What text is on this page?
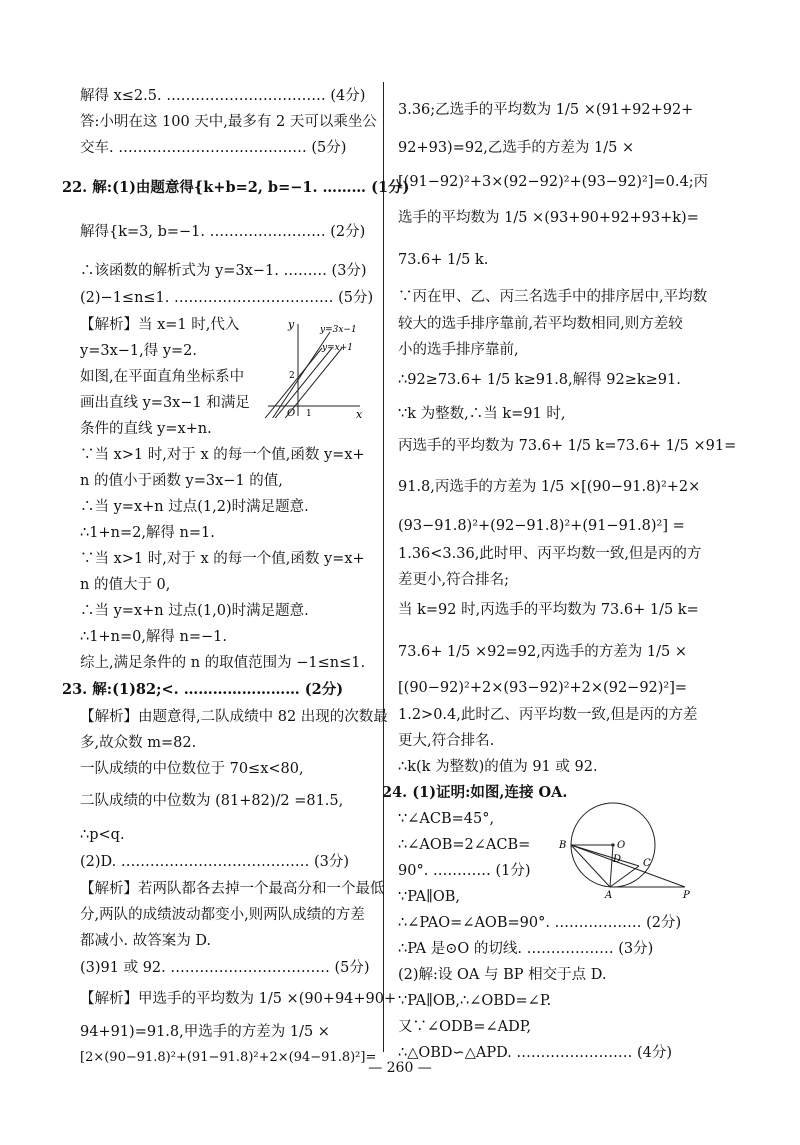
解得 x≤2.5. …………………………… (4分)
答:小明在这 100 天中,最多有 2 天可以乘坐公
交车. ………………………………… (5分)
22. 解:(1)由题意得{k+b=2, b=−1. ……… (1分)
解得{k=3, b=−1. …………………… (2分)
∴该函数的解析式为 y=3x−1. ……… (3分)
(2)−1≤n≤1. …………………………… (5分)
【解析】当 x=1 时,代入
y=3x−1,得 y=2.
如图,在平面直角坐标系中
画出直线 y=3x−1 和满足
条件的直线 y=x+n.
∵当 x>1 时,对于 x 的每一个值,函数 y=x+
n 的值小于函数 y=3x−1 的值,
∴当 y=x+n 过点(1,2)时满足题意.
∴1+n=2,解得 n=1.
∵当 x>1 时,对于 x 的每一个值,函数 y=x+
n 的值大于 0,
∴当 y=x+n 过点(1,0)时满足题意.
∴1+n=0,解得 n=−1.
综上,满足条件的 n 的取值范围为 −1≤n≤1.
23. 解:(1)82;<. …………………… (2分)
【解析】由题意得,二队成绩中 82 出现的次数最
多,故众数 m=82.
一队成绩的中位数位于 70≤x<80,
二队成绩的中位数为 (81+82)/2 =81.5,
∴p<q.
(2)D. ………………………………… (3分)
【解析】若两队都各去掉一个最高分和一个最低
分,两队的成绩波动都变小,则两队成绩的方差
都减小. 故答案为 D.
(3)91 或 92. …………………………… (5分)
【解析】甲选手的平均数为 1/5 ×(90+94+90+
94+91)=91.8,甲选手的方差为 1/5 ×
[2×(90−91.8)²+(91−91.8)²+2×(94−91.8)²]=
y
x
O 1
2
y=3x−1
y=x+1
3.36;乙选手的平均数为 1/5 ×(91+92+92+
92+93)=92,乙选手的方差为 1/5 ×
[(91−92)²+3×(92−92)²+(93−92)²]=0.4;丙
选手的平均数为 1/5 ×(93+90+92+93+k)=
73.6+ 1/5 k.
∵丙在甲、乙、丙三名选手中的排序居中,平均数
较大的选手排序靠前,若平均数相同,则方差较
小的选手排序靠前,
∴92≥73.6+ 1/5 k≥91.8,解得 92≥k≥91.
∵k 为整数,∴当 k=91 时,
丙选手的平均数为 73.6+ 1/5 k=73.6+ 1/5 ×91=
91.8,丙选手的方差为 1/5 ×[(90−91.8)²+2×
(93−91.8)²+(92−91.8)²+(91−91.8)²] =
1.36<3.36,此时甲、丙平均数一致,但是丙的方
差更小,符合排名;
当 k=92 时,丙选手的平均数为 73.6+ 1/5 k=
73.6+ 1/5 ×92=92,丙选手的方差为 1/5 ×
[(90−92)²+2×(93−92)²+2×(92−92)²]=
1.2>0.4,此时乙、丙平均数一致,但是丙的方差
更大,符合排名.
∴k(k 为整数)的值为 91 或 92.
24. (1)证明:如图,连接 OA.
∵∠ACB=45°,
∴∠AOB=2∠ACB=
90°. ………… (1分)
∵PA∥OB,
∴∠PAO=∠AOB=90°. ……………… (2分)
∴PA 是⊙O 的切线. ……………… (3分)
(2)解:设 OA 与 BP 相交于点 D.
∵PA∥OB,∴∠OBD=∠P.
又∵∠ODB=∠ADP,
∴△OBD∽△APD. …………………… (4分)
O
B
D C
A	P
— 260 —
